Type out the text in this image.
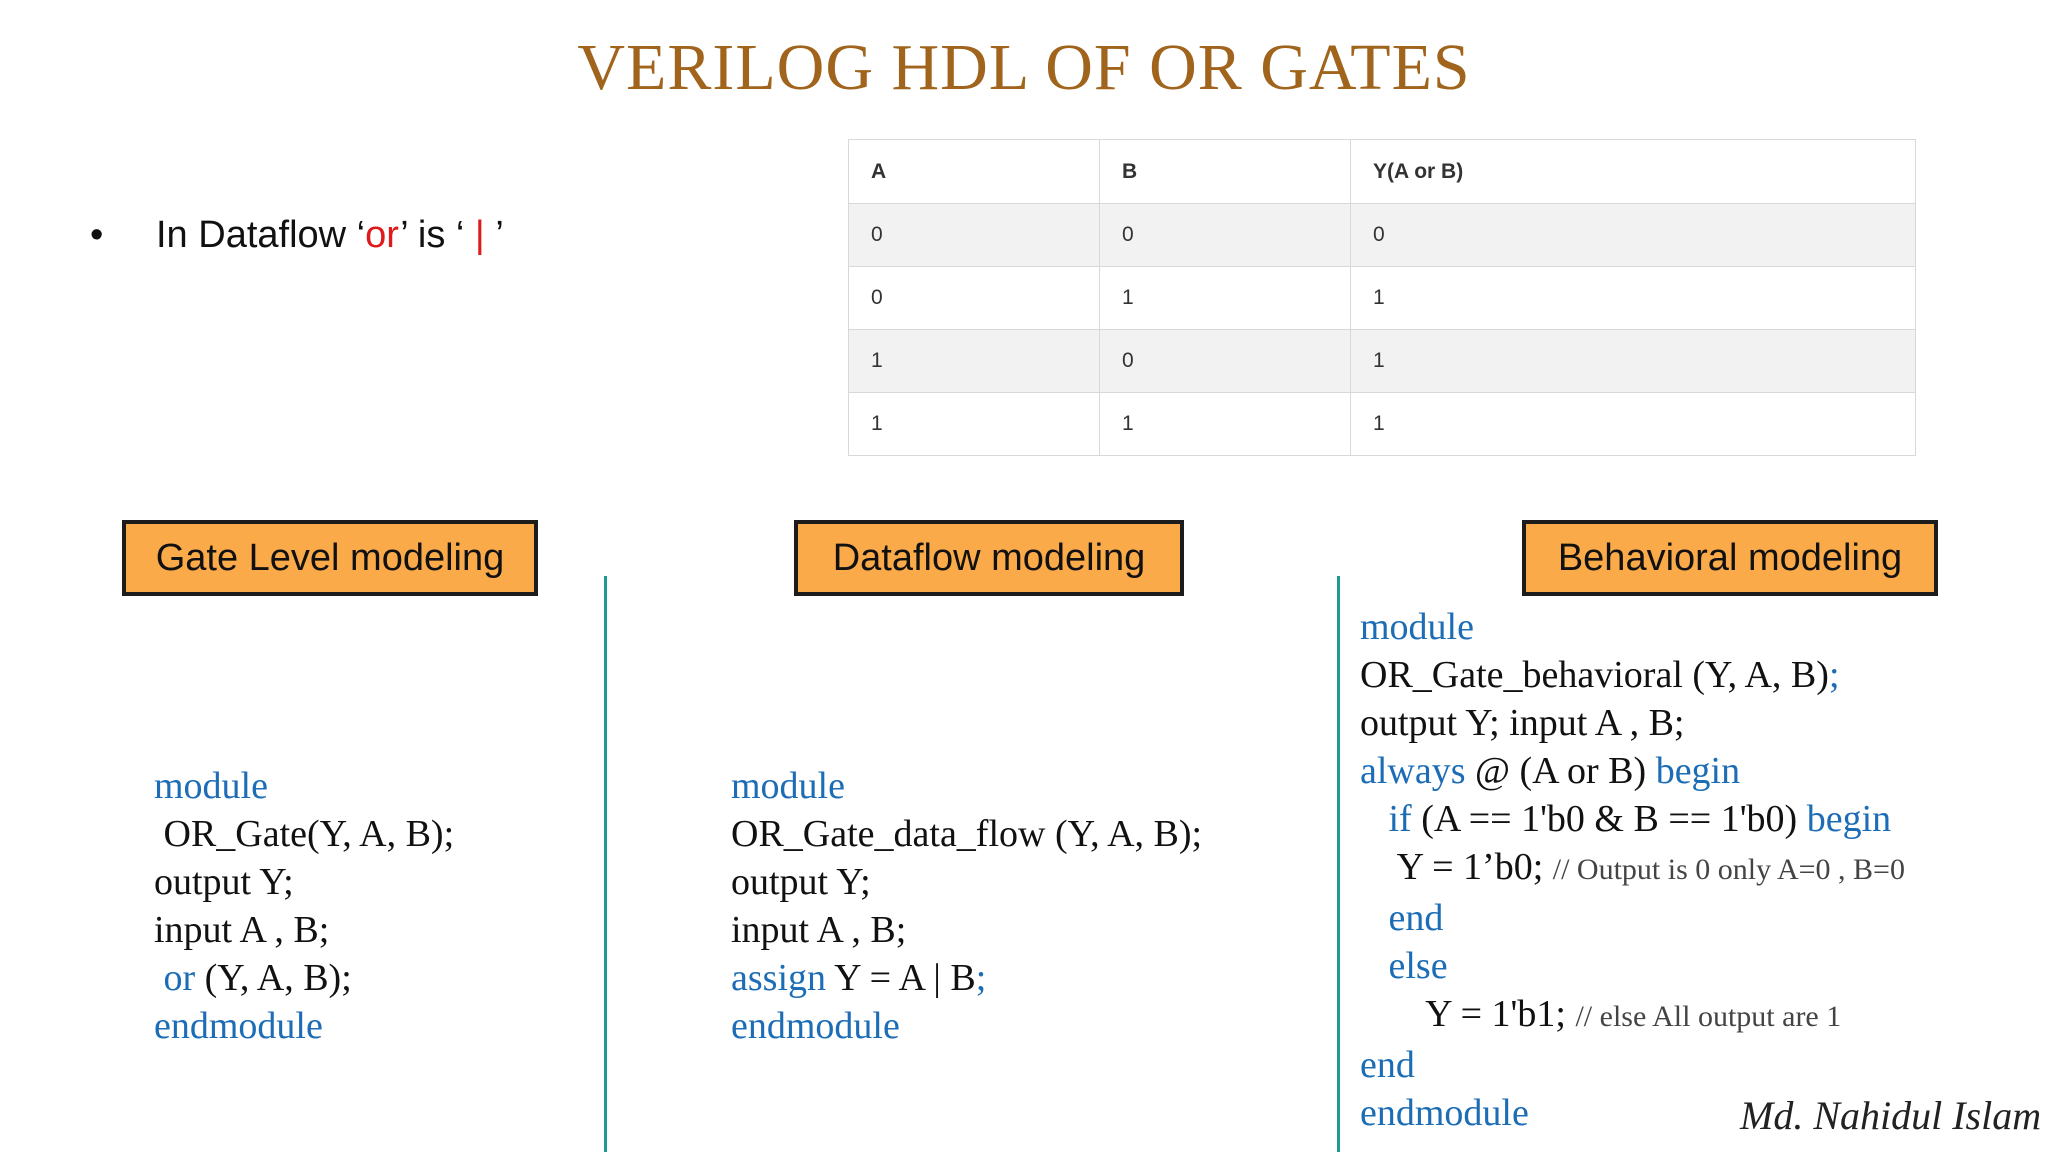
VERILOG HDL OF OR GATES
• In Dataflow ‘or’ is ‘ | ’
A	B	Y(A or B)
0	0	0
0	1	1
1	0	1
1	1	1
Gate Level modeling	Dataflow modeling	Behavioral modeling
module
OR_Gate(Y, A, B);
output Y;
input A , B;
or (Y, A, B);
endmodule
module
OR_Gate_data_flow (Y, A, B);
output Y;
input A , B;
assign Y = A | B;
endmodule
module
OR_Gate_behavioral (Y, A, B);
output Y; input A , B;
always @ (A or B) begin
if (A == 1'b0 & B == 1'b0) begin
Y = 1’b0; // Output is 0 only A=0 , B=0
end
else
Y = 1'b1; // else All output are 1
end
endmodule	Md. Nahidul Islam
